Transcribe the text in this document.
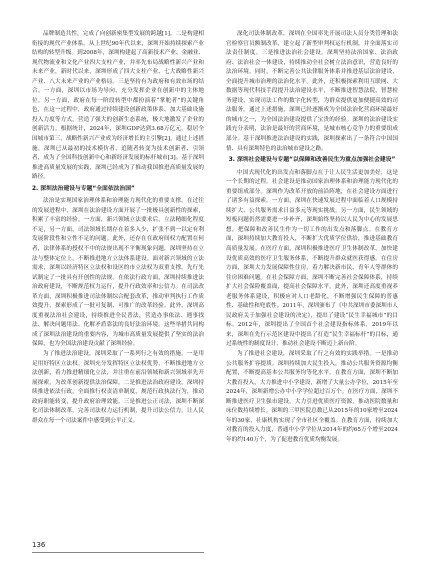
品牌制造共性，完成了向创新密集型发展的跨越[1]。二是构建相衔接的现代产业体系。从上世纪90年代以来，深圳开始持续探索产业结构的转型升级。到2008年，深圳构建起了高新技术产业、金融业、现代物流业和文化产业四大支柱产业，并率先布局战略性新兴产业和未来产业，新时代以来，深圳形成了四大支柱产业、七大战略性新兴产业、八大未来产业的产业格局。三是坚持有为政府和有效市场的结合。一方面，深圳以市场为导向，充分发挥企业在创新中的主体地位。另一方面，政府在每一阶段转型中都扮演着“掌舵者”的关键角色，在这一过程中，政府通过持续建设创新政策体系、加大基础设施投入力度等方式，营造了强大的创新生态系统，极大地激发了企业的创新活力。根据统计，2024年，深圳GDP达到3.68万亿元，稳居全国城市第三，战略性新兴产业成为经济增长的主引擎[2]，通过上述措施，深圳已从最初的技术模仿者、追随者转变为技术创新者、引领者，成为了全国科技创新中心和新经济发展的标杆城市[3]。基于深圳推进高质量发展的实践，深圳已经成为了推动我国推进高质量发展的路径。

2. 深圳法治建设与专题“全面依法治国”

法治是实现国家治理体系和治理能力现代化的重要支撑，在过往的发展进程中，深圳在法治建设方面开展了一批极具创新性的探索，积累了丰富的经验。一方面，新兴领域立法要求后，立法精细化程度不足，另一方面，司法领域长期存在着多入少，扩张不到一以定有利发展阶段性和立性不足的问题。此外，还存在在政府间权力配置在何者，法律体系的授权不中的法规出现不平衡现象问题，深圳坚持在立法与整体定位上，不断推进地方立法体系建设。面对新兴领域的立法需求，深圳以经济特区立法权和设区的市立法权为双重支撑，先行先试制定了一批具有开创性的法规。在依法行政方面，深圳持续推进法治政府建设，不断规范权力运行，提升行政效率和公信力。在司法改革方面，深圳积极推进司法体制综合配套改革，推动审判执行工作质效提升，探索形成了一批可复制、可推广的改革经验。此外，深圳高度重视法治社会建设，持续推进全民普法，营造办事依法、遇事找法、解决问题用法、化解矛盾靠法的良好法治环境。这些举措共同构成了深圳法治建设的重要内容，为城市高质量发展提供了坚实的法治保障，也为全国法治建设贡献了深圳经验。

为了推进法治建设，深圳采取了一系列行之有效的措施。一是用足用好特区立法权。深圳充分发挥特区立法权优势，不断推进地方立法创新，着力推进精细化立法，并注重在前沿领域和新兴领域率先开展探索，为改革创新提供法治保障。二是推进法治政府建设，深圳持续推进依法行政，全面推行权责清单制度，规范行政执法行为，推动政府职能转变，提升政府治理效能。三是推进公正司法，深圳不断深化司法体制改革，完善司法权力运行机制，提升司法公信力，让人民群众在每一个司法案件中感受到公平正义。

深化司法体制改革，深圳在全国率先开展司法人员分类管理和法官检察官员额制改革，建立起了新型审判权运行机制，并全面落实司法责任制度。三是推进法治社会建设，深圳坚持法治国家、法治政府、法治社会一体建设，持续推动全社会树立法治意识，营造良好的法治环境。同时，不断完善公共法律服务体系并推进基层法治建设，全面提升城市治理的法治化水平。此外，还积极探索利用互联网、大数据等现代科技手段提升法治建设水平，不断推进智慧法院、智慧检务建设，实现司法工作的数字化转型，为群众提供更加便捷高效的司法服务。通过上述措施，深圳已经逐渐成为全国法治化营商环境最好的城市之一，为全国法治建设提供了宝贵的经验。深圳的法治建设实践充分表明，法治是最好的营商环境，是城市核心竞争力的重要组成部分。基于深圳推进法治建设的实践，深圳探索出了一条符合中国国情、具有深圳特色的法治城市建设之路。

3. 深圳社会建设与专题“以保障和改善民生为重点加强社会建设”

中国式现代化的出发点和落脚点在于让人民生活更加美好，这是一个长期的过程。社会建设是推动国家治理体系和治理能力现代化的重要组成部分。深圳作为改革开放的前沿阵地，在社会建设方面进行了诸多有益探索。一方面，深圳在快速发展过程中面临着人口规模持续扩大、公共服务需求日益多元等现实挑战。另一方面，民生领域的短板问题仍然需要进一步补齐，深圳始终坚持以人民为中心的发展思想，把保障和改善民生作为一切工作的出发点和落脚点。在教育方面，深圳持续加大教育投入，不断扩大优质学位供给，推进基础教育高质量发展。在医疗方面，深圳积极推进医疗卫生体制改革，加快建设优质高效的医疗卫生服务体系，不断提升群众就医获得感。在住房方面，深圳大力发展保障性住房，着力解决新市民、青年人等群体的住房困难问题。在社会保障方面，深圳不断完善社会保障体系，持续扩大社会保险覆盖面，提高社会保障水平。此外，深圳还高度重视养老服务体系建设，积极应对人口老龄化，不断增强民生保障的普惠性、基础性和兜底性。2011年，深圳颁布了《中共深圳市委深圳市人民政府关于加强社会建设的决定》，提出了建设“民生幸福城市”的目标。2012年，深圳提出了全国首个社会建设指标体系，2019年以来，深圳在先行示范区建设中提出了打造“民生幸福标杆”的目标，通过系统性的制度设计，推动社会建设不断迈上新台阶。

为了推进社会建设，深圳采取了行之有效的实践举措。一是推动公共服务扩容提质。深圳持续加大民生投入，推动公共服务资源均衡配置，不断提高基本公共服务均等化水平。在教育方面，深圳不断加大教育投入，大力推进中小学建设，新增了大量公办学位，2015年至2024年，深圳新增公办中小学学位超过百万个。在医疗方面，深圳不断推进医疗卫生强市建设，大力引进优质医疗资源，推动医院数量和床位数持续增长。深圳的三甲医院总数已从2015年的10家增至2024年的30家，社康机构实现了全市社区全覆盖。在教育方面，持续加大对教育的投入力度，普通中小学学位从2014年的约65万个增至2024年的约140万个，为了促进教育优质均衡发展。

136
